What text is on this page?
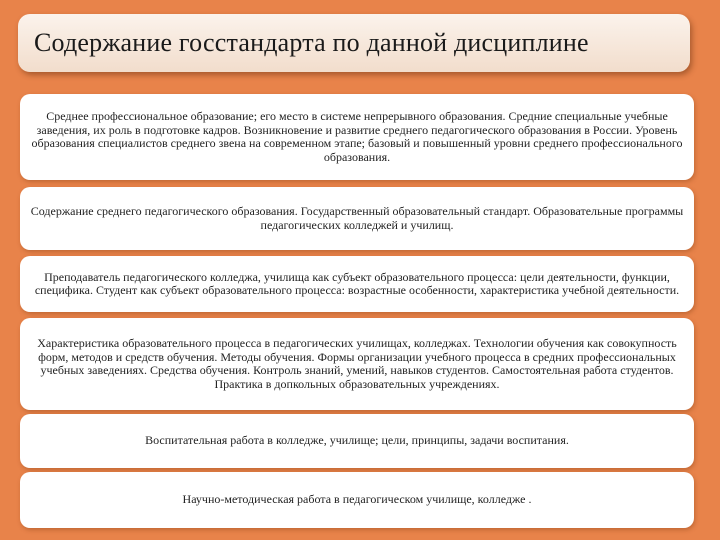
Содержание госстандарта по данной дисциплине
Среднее профессиональное образование; его место в системе непрерывного образования. Средние специальные учебные заведения, их роль в подготовке кадров. Возникновение и развитие среднего педагогического образования в России. Уровень образования специалистов среднего звена на современном этапе; базовый и повышенный уровни среднего профессионального образования.
Содержание среднего педагогического образования. Государственный образовательный стандарт. Образовательные программы педагогических колледжей и училищ.
Преподаватель педагогического колледжа, училища как субъект образовательного процесса: цели деятельности, функции, специфика. Студент как субъект образовательного процесса: возрастные особенности, характеристика учебной деятельности.
Характеристика образовательного процесса в педагогических училищах, колледжах. Технологии обучения как совокупность форм, методов и средств обучения. Методы обучения. Формы организации учебного процесса в средних профессиональных учебных заведениях. Средства обучения. Контроль знаний, умений, навыков студентов. Самостоятельная работа студентов. Практика в допкольных образовательных учреждениях.
Воспитательная работа в колледже, училище; цели, принципы, задачи воспитания.
Научно-методическая работа в педагогическом училище, колледже .
